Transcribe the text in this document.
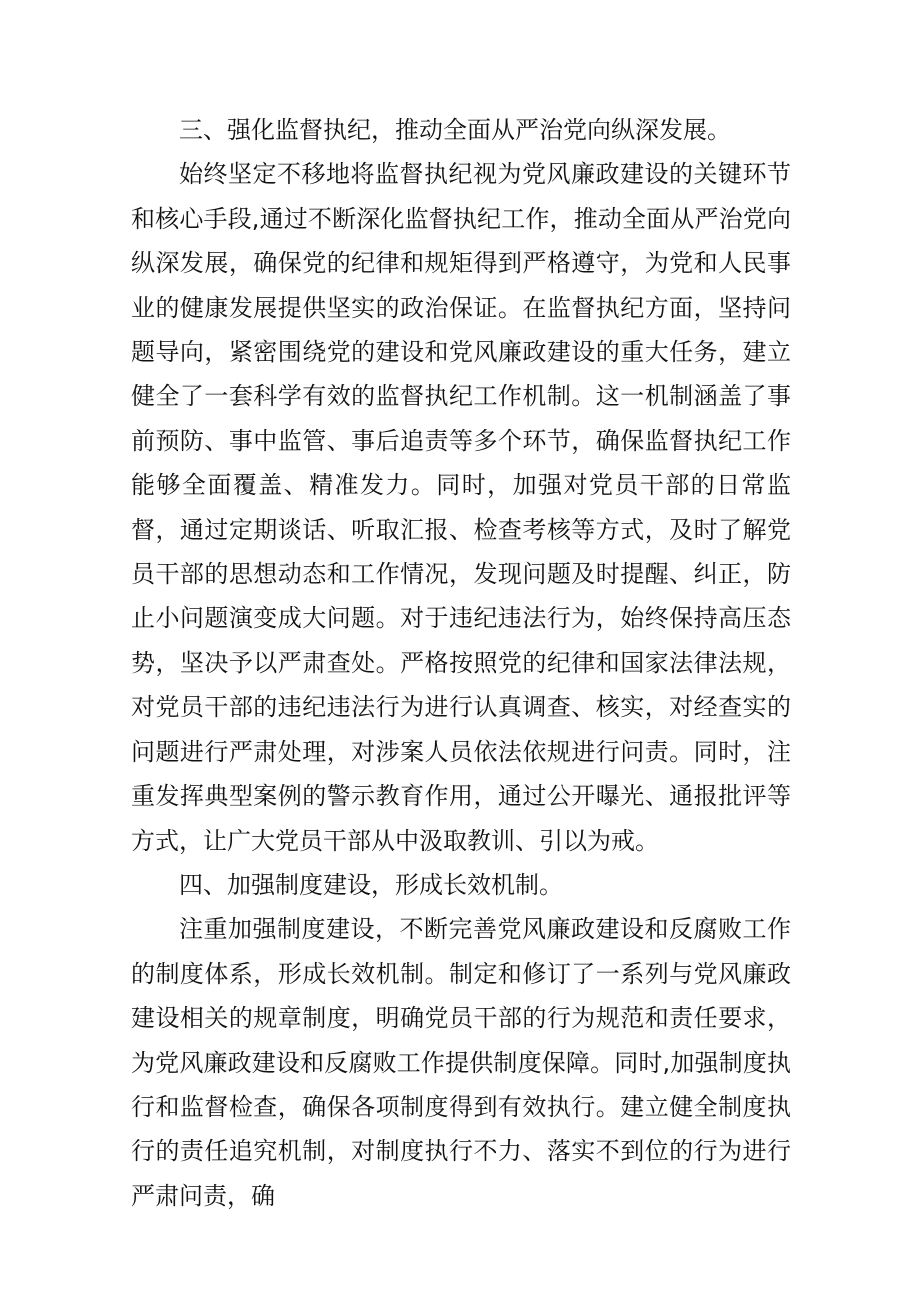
三、强化监督执纪，推动全面从严治党向纵深发展。

始终坚定不移地将监督执纪视为党风廉政建设的关键环节和核心手段,通过不断深化监督执纪工作，推动全面从严治党向纵深发展，确保党的纪律和规矩得到严格遵守，为党和人民事业的健康发展提供坚实的政治保证。在监督执纪方面，坚持问题导向，紧密围绕党的建设和党风廉政建设的重大任务，建立健全了一套科学有效的监督执纪工作机制。这一机制涵盖了事前预防、事中监管、事后追责等多个环节，确保监督执纪工作能够全面覆盖、精准发力。同时，加强对党员干部的日常监督，通过定期谈话、听取汇报、检查考核等方式，及时了解党员干部的思想动态和工作情况，发现问题及时提醒、纠正，防止小问题演变成大问题。对于违纪违法行为，始终保持高压态势，坚决予以严肃查处。严格按照党的纪律和国家法律法规，对党员干部的违纪违法行为进行认真调查、核实，对经查实的问题进行严肃处理，对涉案人员依法依规进行问责。同时，注重发挥典型案例的警示教育作用，通过公开曝光、通报批评等方式，让广大党员干部从中汲取教训、引以为戒。

四、加强制度建设，形成长效机制。

注重加强制度建设，不断完善党风廉政建设和反腐败工作的制度体系，形成长效机制。制定和修订了一系列与党风廉政建设相关的规章制度，明确党员干部的行为规范和责任要求，为党风廉政建设和反腐败工作提供制度保障。同时,加强制度执行和监督检查，确保各项制度得到有效执行。建立健全制度执行的责任追究机制，对制度执行不力、落实不到位的行为进行严肃问责，确
